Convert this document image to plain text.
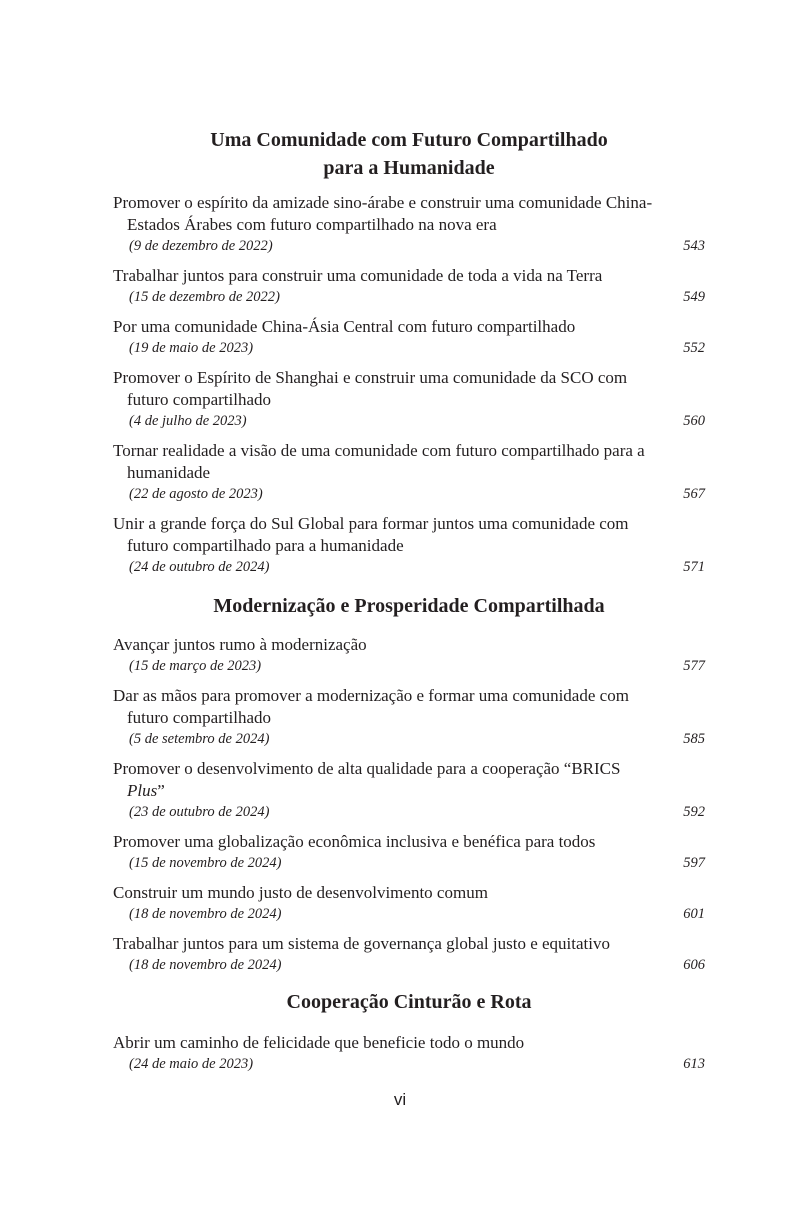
Uma Comunidade com Futuro Compartilhado
para a Humanidade
Promover o espírito da amizade sino-árabe e construir uma comunidade China-Estados Árabes com futuro compartilhado na nova era
(9 de dezembro de 2022)	543
Trabalhar juntos para construir uma comunidade de toda a vida na Terra
(15 de dezembro de 2022)	549
Por uma comunidade China-Ásia Central com futuro compartilhado
(19 de maio de 2023)	552
Promover o Espírito de Shanghai e construir uma comunidade da SCO com futuro compartilhado
(4 de julho de 2023)	560
Tornar realidade a visão de uma comunidade com futuro compartilhado para a humanidade
(22 de agosto de 2023)	567
Unir a grande força do Sul Global para formar juntos uma comunidade com futuro compartilhado para a humanidade
(24 de outubro de 2024)	571
Modernização e Prosperidade Compartilhada
Avançar juntos rumo à modernização
(15 de março de 2023)	577
Dar as mãos para promover a modernização e formar uma comunidade com futuro compartilhado
(5 de setembro de 2024)	585
Promover o desenvolvimento de alta qualidade para a cooperação “BRICS Plus”
(23 de outubro de 2024)	592
Promover uma globalização econômica inclusiva e benéfica para todos
(15 de novembro de 2024)	597
Construir um mundo justo de desenvolvimento comum
(18 de novembro de 2024)	601
Trabalhar juntos para um sistema de governança global justo e equitativo
(18 de novembro de 2024)	606
Cooperação Cinturão e Rota
Abrir um caminho de felicidade que beneficie todo o mundo
(24 de maio de 2023)	613
vi
